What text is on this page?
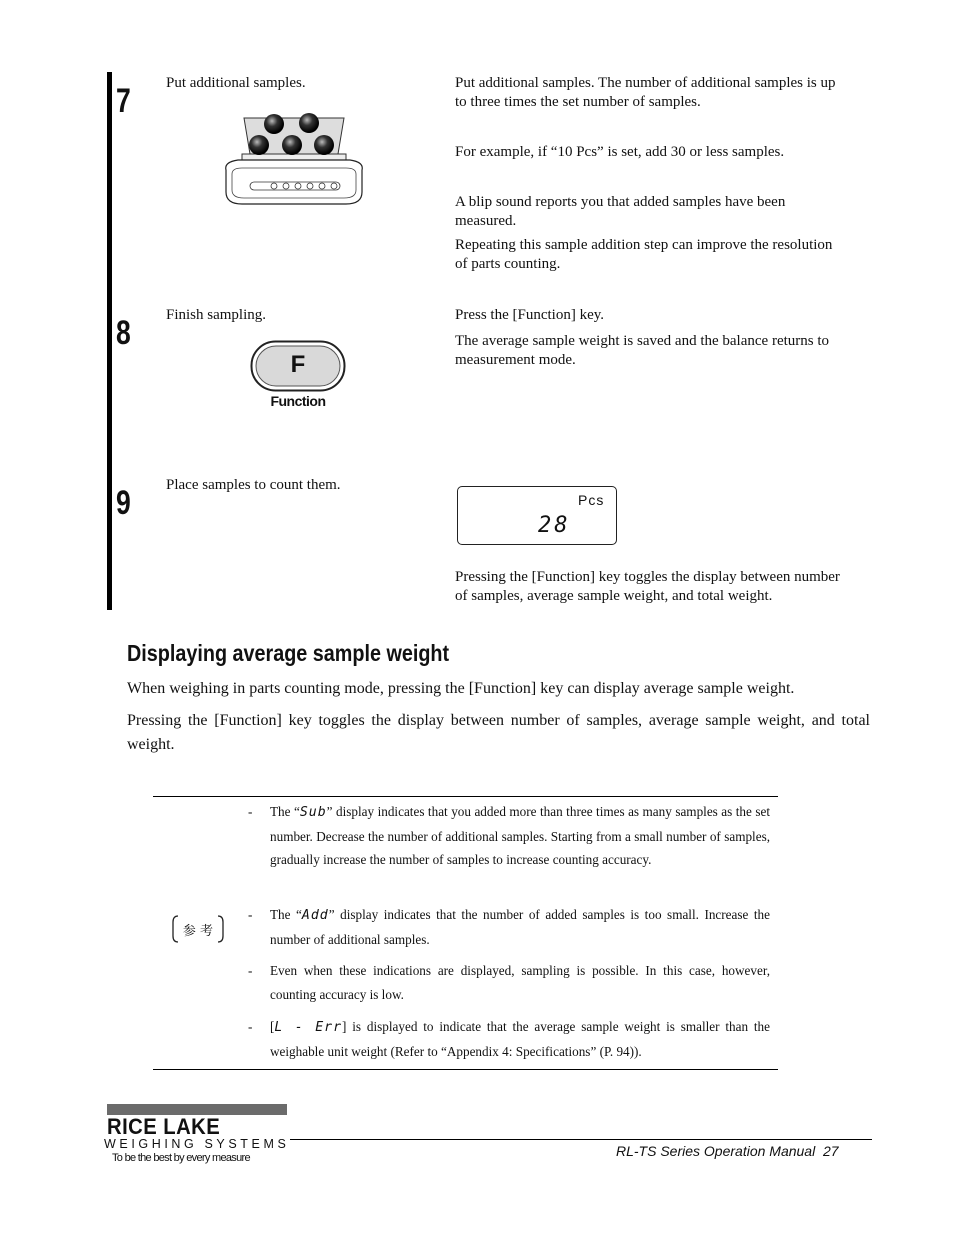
7 Put additional samples.	Put additional samples. The number of additional samples is up to three times the set number of samples.
For example, if “10 Pcs” is set, add 30 or less samples.
A blip sound reports you that added samples have been measured.
Repeating this sample addition step can improve the resolution of parts counting.
8 Finish sampling.
F
Function
Press the [Function] key.
The average sample weight is saved and the balance returns to measurement mode.
9 Place samples to count them.
Pcs
28
Pressing the [Function] key toggles the display between number of samples, average sample weight, and total weight.
Displaying average sample weight
When weighing in parts counting mode, pressing the [Function] key can display average sample weight.
Pressing the [Function] key toggles the display between number of samples, average sample weight, and total weight.
参 考
- The “Sub” display indicates that you added more than three times as many samples as the set number. Decrease the number of additional samples. Starting from a small number of samples, gradually increase the number of samples to increase counting accuracy.
- The “Add” display indicates that the number of added samples is too small. Increase the number of additional samples.
- Even when these indications are displayed, sampling is possible. In this case, however, counting accuracy is low.
- [L - Err] is displayed to indicate that the average sample weight is smaller than the weighable unit weight (Refer to “Appendix 4: Specifications” (P. 94)).
RICE LAKE
WEIGHING SYSTEMS
To be the best by every measure	RL-TS Series Operation Manual 27
